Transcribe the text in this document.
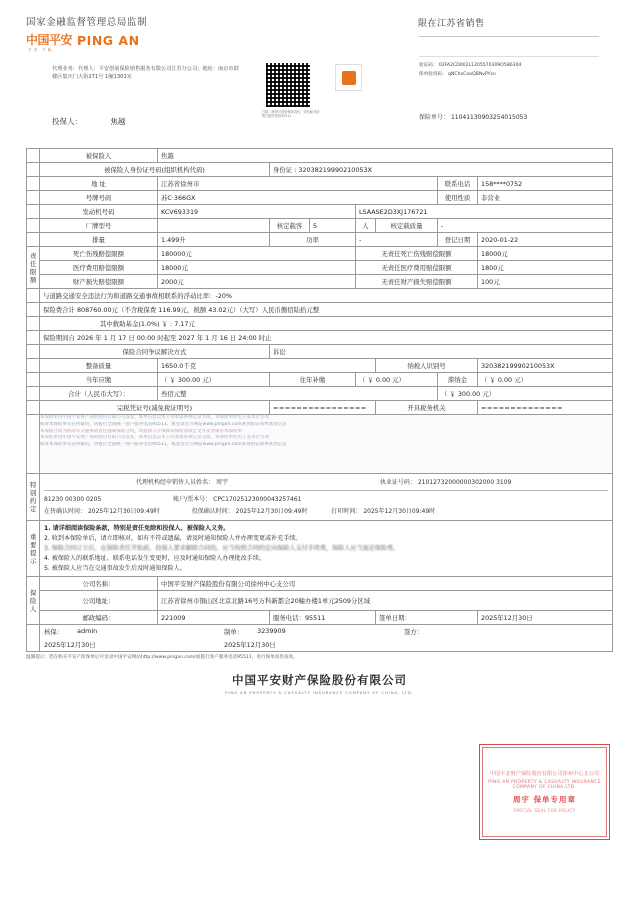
国家金融监督管理总局监制
中国平安 PING AN
平安 产险
限在江苏省销售
代理业务：代理人：平安创展保险销售服务有限公司江苏分公司；地址：南京市鼓楼区集庆门大街271号 1幢1301室
扫描二维码可查询保单真伪，如有疑问请拨打服务热线95511
验证码： 02FA2CD002L1205570309O586304
保单验真码： qNChxCooQBNvPYsn
保险单号： 11041130903254015053
投保人：	焦越
	被保险人	焦越						
	被保险人身份证号码(组织机构代码)		身份证 : 32038219990210053X					
	地 址	江苏省徐州市					联系电话	158****0752
	号牌号码	苏C·366GX					使用性质	非营业
	发动机号码	KCV693319			LSAASE2D3XJ176721			
	厂牌型号		核定载客	5	人	核定载质量	-	
	排量	1.499升	功率		-		登记日期	2020-01-22
责任限额	死亡伤残赔偿限额	180000元			无责任死亡伤残赔偿限额			18000元
	医疗费用赔偿限额	18000元			无责任医疗费用赔偿限额			1800元
	财产损失赔偿限额	2000元			无责任财产损失赔偿限额			100元
	与道路交通安全违法行为和道路交通事故相联系的浮动比率：-20%							
	保险费合计 808760.00元（不含税保费 116.99元，税额 43.02元）（大写）人民币捌佰陆拾元整							
	其中救助基金(1.0%) ￥ : 7.17元							
	保险期间自 2026 年 1 月 17 日 00:00 时起至 2027 年 1 月 16 日 24:00 时止							
	保险合同争议解决方式		诉讼					
	整备质量	1650.0千克				纳税人识别号		32038219990210053X
	当年应缴	（ ￥ 300.00 元）	往年补缴		（ ￥ 0.00 元）		滞纳金	（ ￥ 0.00 元）
	合计（人民币大写）：	叁佰元整					（ ￥ 300.00 元）	
	完税凭证号(减免税证明号)		================			开具税务机关		==============

	本保险单由中国平安财产保险股份有限公司签发，保单信息以本公司承保系统记录为准，本保险单经电子签章后生效
如对本保险单有任何疑问，请拨打全国统一客户服务电话95511，或登录官方网站www.pingan.com查询验证保单真伪信息
本保险合同为机动车交通事故责任强制保险合同，请投保人仔细阅读保险条款全文并妥善保管本保险单
本保险单由中国平安财产保险股份有限公司签发，保单信息以本公司承保系统记录为准，本保险单经电子签章后生效
如对本保险单有任何疑问，请拨打全国统一客户服务电话95511，或登录官方网站www.pingan.com查询验证保单真伪信息							

特别约定	代理机构经申销售人员姓名： 周宇 执业证号码： 21012732000000302000 3109
81230 00300 0205 帐户/票本号： CPC17025123000043257461
在售确认时间： 2025年12月30日09:49时 投保确认时间： 2025年12月30日09:49时 打印时间： 2025年12月30日09:49时							

重要提示	1. 请详细阅读保险条款，特别是责任免除和投保人、被保险人义务。
2. 收到本保险单后，请立即核对，如有不符或遗漏，请及时通知保险人并办理变更或补充手续。
3. 保险合同订立后，在保险责任开始前，投保人要求解除合同的，应当按照合同约定向保险人支付手续费，保险人应当退还保险费。
4. 被保险人的联系地址、联系电话发生变更时，应及时通知保险人办理批改手续。
5. 被保险人应当在交通事故发生后及时通知保险人。							

保险人	公司名称：	中国平安财产保险股份有限公司徐州中心支公司						
	公司地址：	江苏省徐州市铜山区北京北路16号万科新都会20幢办楼1单元2509分区域						
	邮政编码：	221009	服务电话：95511			签单日期：		2025年12月30日

核保： admin	制单： 3239909	签方：
2025年12月30日	2025年12月30日
中国平安财产保险股份有限公司徐州中心支公司
PING AN PROPERTY & CASUALTY INSURANCE COMPANY OF CHINA,LTD.
周宇 保单专用章
SPECIAL SEAL FOR POLICY
温馨提示：您在购买平安产险保单后可登录中国平安网站http://www.pingan.com/或拨打客户服务电话95511，进行保单真伪查询。
中国平安财产保险股份有限公司
PING AN PROPERTY & CASUALTY INSURANCE COMPANY OF CHINA, LTD.
